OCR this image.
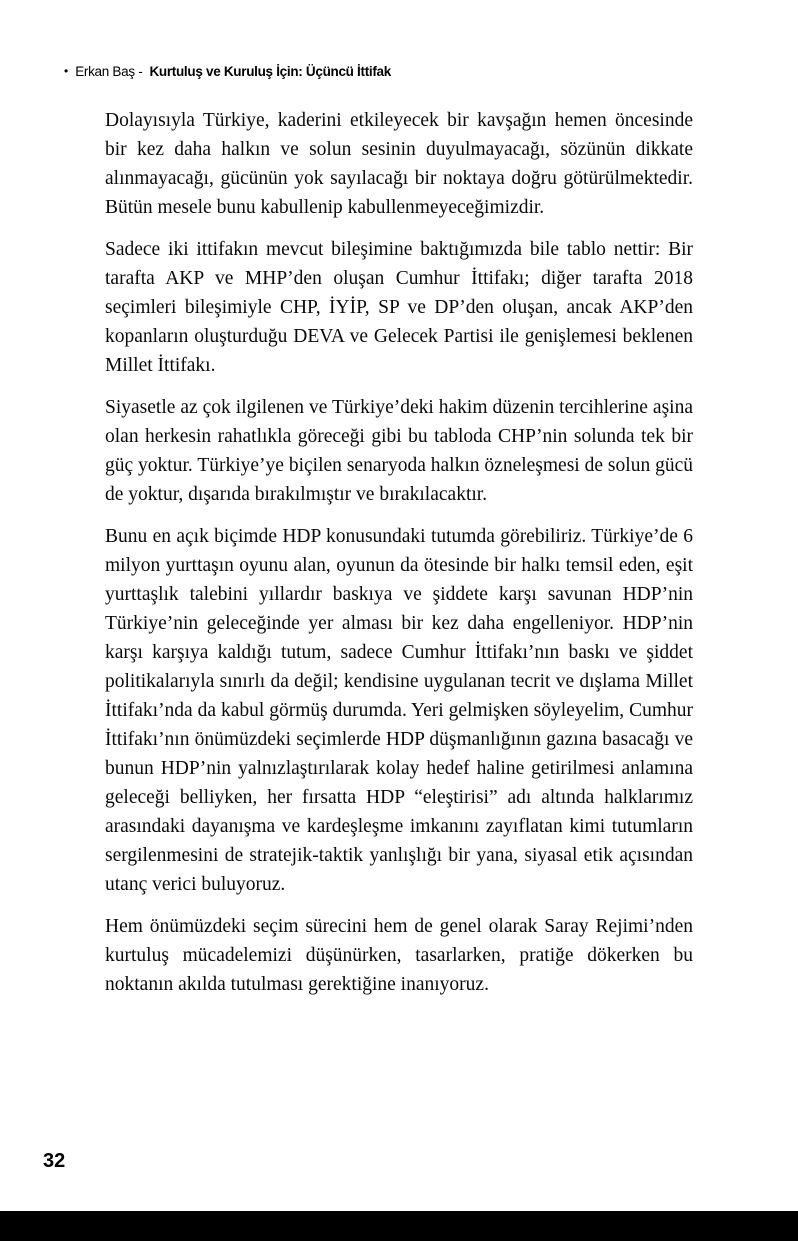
• Erkan Baş - Kurtuluş ve Kuruluş İçin: Üçüncü İttifak

Dolayısıyla Türkiye, kaderini etkileyecek bir kavşağın hemen öncesinde bir kez daha halkın ve solun sesinin duyulmayacağı, sözünün dikkate alınmayacağı, gücünün yok sayılacağı bir noktaya doğru götürülmektedir. Bütün mesele bunu kabullenip kabullenmeyeceğimizdir.

Sadece iki ittifakın mevcut bileşimine baktığımızda bile tablo nettir: Bir tarafta AKP ve MHP’den oluşan Cumhur İttifakı; diğer tarafta 2018 seçimleri bileşimiyle CHP, İYİP, SP ve DP’den oluşan, ancak AKP’den kopanların oluşturduğu DEVA ve Gelecek Partisi ile genişlemesi beklenen Millet İttifakı.

Siyasetle az çok ilgilenen ve Türkiye’deki hakim düzenin tercihlerine aşina olan herkesin rahatlıkla göreceği gibi bu tabloda CHP’nin solunda tek bir güç yoktur. Türkiye’ye biçilen senaryoda halkın özneleşmesi de solun gücü de yoktur, dışarıda bırakılmıştır ve bırakılacaktır.

Bunu en açık biçimde HDP konusundaki tutumda görebiliriz. Türkiye’de 6 milyon yurttaşın oyunu alan, oyunun da ötesinde bir halkı temsil eden, eşit yurttaşlık talebini yıllardır baskıya ve şiddete karşı savunan HDP’nin Türkiye’nin geleceğinde yer alması bir kez daha engelleniyor. HDP’nin karşı karşıya kaldığı tutum, sadece Cumhur İttifakı’nın baskı ve şiddet politikalarıyla sınırlı da değil; kendisine uygulanan tecrit ve dışlama Millet İttifakı’nda da kabul görmüş durumda. Yeri gelmişken söyleyelim, Cumhur İttifakı’nın önümüzdeki seçimlerde HDP düşmanlığının gazına basacağı ve bunun HDP’nin yalnızlaştırılarak kolay hedef haline getirilmesi anlamına geleceği belliyken, her fırsatta HDP “eleştirisi” adı altında halklarımız arasındaki dayanışma ve kardeşleşme imkanını zayıflatan kimi tutumların sergilenmesini de stratejik-taktik yanlışlığı bir yana, siyasal etik açısından utanç verici buluyoruz.

Hem önümüzdeki seçim sürecini hem de genel olarak Saray Rejimi’nden kurtuluş mücadelemizi düşünürken, tasarlarken, pratiğe dökerken bu noktanın akılda tutulması gerektiğine inanıyoruz.

32
